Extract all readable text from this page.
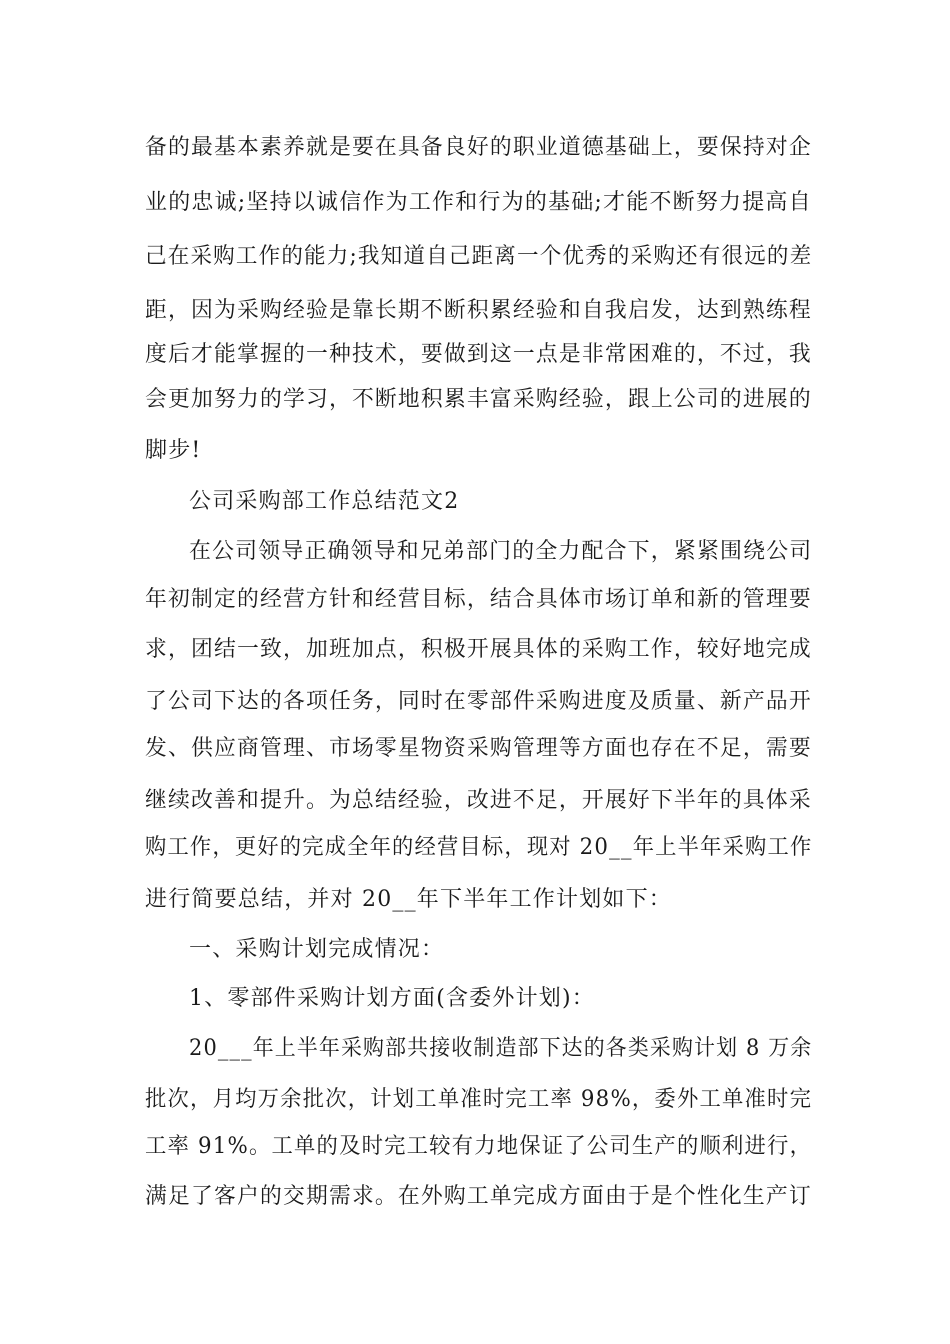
备的最基本素养就是要在具备良好的职业道德基础上，要保持对企
业的忠诚;坚持以诚信作为工作和行为的基础;才能不断努力提高自
己在采购工作的能力;我知道自己距离一个优秀的采购还有很远的差
距，因为采购经验是靠长期不断积累经验和自我启发，达到熟练程
度后才能掌握的一种技术，要做到这一点是非常困难的，不过，我
会更加努力的学习，不断地积累丰富采购经验，跟上公司的进展的
脚步!
公司采购部工作总结范文2
在公司领导正确领导和兄弟部门的全力配合下，紧紧围绕公司
年初制定的经营方针和经营目标，结合具体市场订单和新的管理要
求，团结一致，加班加点，积极开展具体的采购工作，较好地完成
了公司下达的各项任务，同时在零部件采购进度及质量、新产品开
发、供应商管理、市场零星物资采购管理等方面也存在不足，需要
继续改善和提升。为总结经验，改进不足，开展好下半年的具体采
购工作，更好的完成全年的经营目标，现对 20__年上半年采购工作
进行简要总结，并对 20__年下半年工作计划如下：
一、采购计划完成情况：
1、零部件采购计划方面(含委外计划)：
20___年上半年采购部共接收制造部下达的各类采购计划 8 万余
批次，月均万余批次，计划工单准时完工率 98%，委外工单准时完
工率 91%。工单的及时完工较有力地保证了公司生产的顺利进行，
满足了客户的交期需求。在外购工单完成方面由于是个性化生产订
